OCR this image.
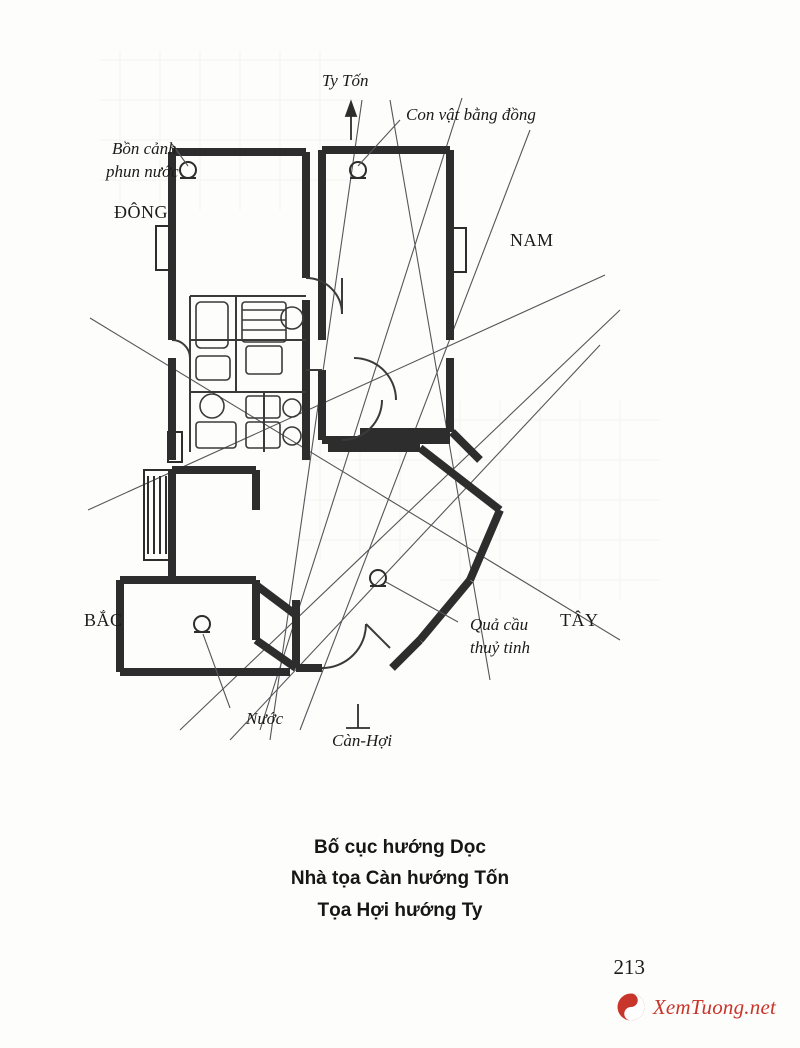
Ty Tốn
Con vật bằng đồng
Bồn cảnh
phun nước
ĐÔNG
NAM
TÂY
BẮC	Quả cầu
thuỷ tinh
Nước
Càn-Hợi
Bố cục hướng Dọc
Nhà tọa Càn hướng Tốn
Tọa Hợi hướng Ty
213
XemTuong.net
